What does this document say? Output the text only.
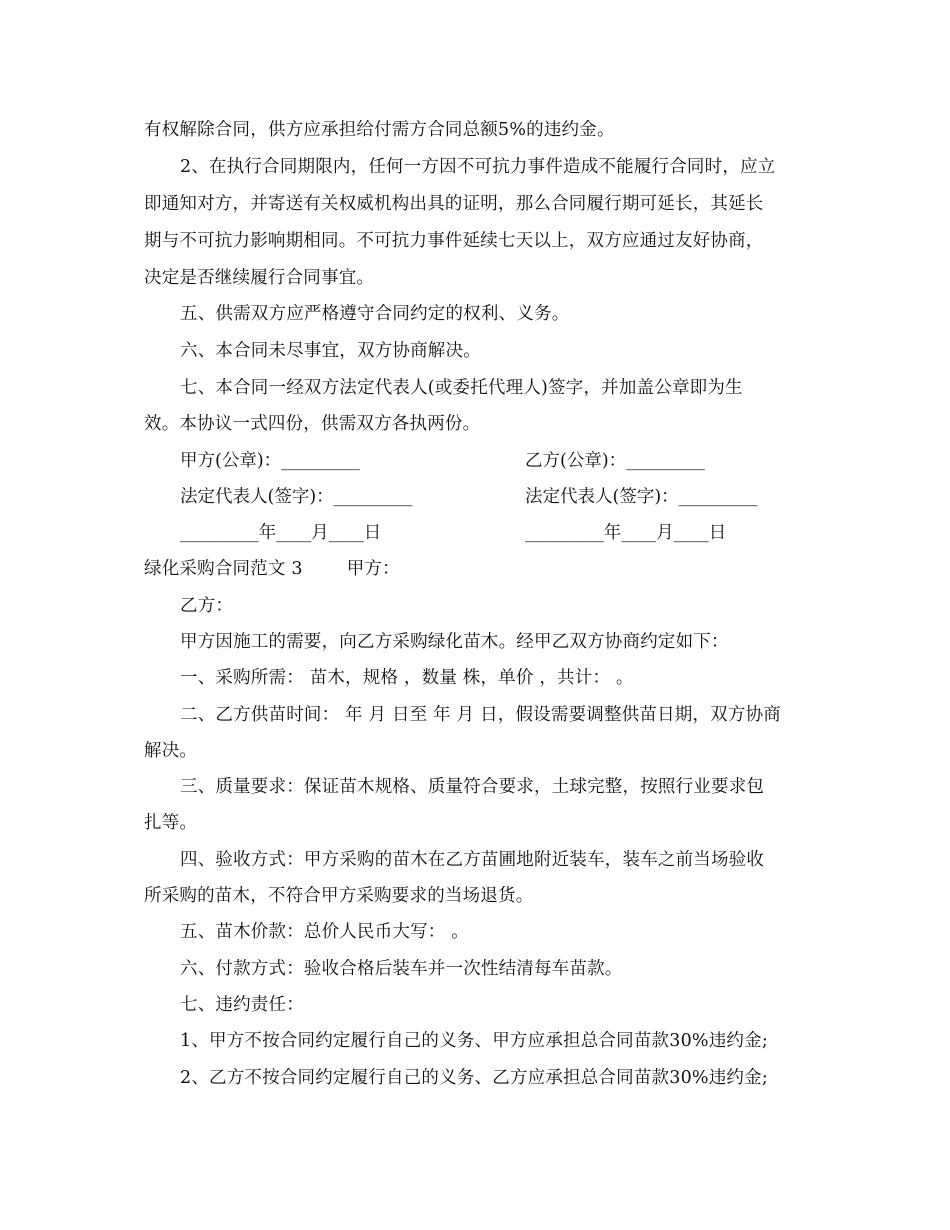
有权解除合同，供方应承担给付需方合同总额5%的违约金。
2、在执行合同期限内，任何一方因不可抗力事件造成不能履行合同时，应立
即通知对方，并寄送有关权威机构出具的证明，那么合同履行期可延长，其延长
期与不可抗力影响期相同。不可抗力事件延续七天以上，双方应通过友好协商，
决定是否继续履行合同事宜。
五、供需双方应严格遵守合同约定的权利、义务。
六、本合同未尽事宜，双方协商解决。
七、本合同一经双方法定代表人(或委托代理人)签字，并加盖公章即为生
效。本协议一式四份，供需双方各执两份。
甲方(公章)：_________	乙方(公章)：_________
法定代表人(签字)：_________	法定代表人(签字)：_________
_________年____月____日	_________年____月____日
绿化采购合同范文 3	甲方：
乙方：
甲方因施工的需要，向乙方采购绿化苗木。经甲乙双方协商约定如下：
一、采购所需： 苗木，规格 ，数量 株，单价 ，共计： 。
二、乙方供苗时间： 年 月 日至 年 月 日，假设需要调整供苗日期，双方协商
解决。
三、质量要求：保证苗木规格、质量符合要求，土球完整，按照行业要求包
扎等。
四、验收方式：甲方采购的苗木在乙方苗圃地附近装车，装车之前当场验收
所采购的苗木，不符合甲方采购要求的当场退货。
五、苗木价款：总价人民币大写： 。
六、付款方式：验收合格后装车并一次性结清每车苗款。
七、违约责任：
1、甲方不按合同约定履行自己的义务、甲方应承担总合同苗款30%违约金;
2、乙方不按合同约定履行自己的义务、乙方应承担总合同苗款30%违约金;
